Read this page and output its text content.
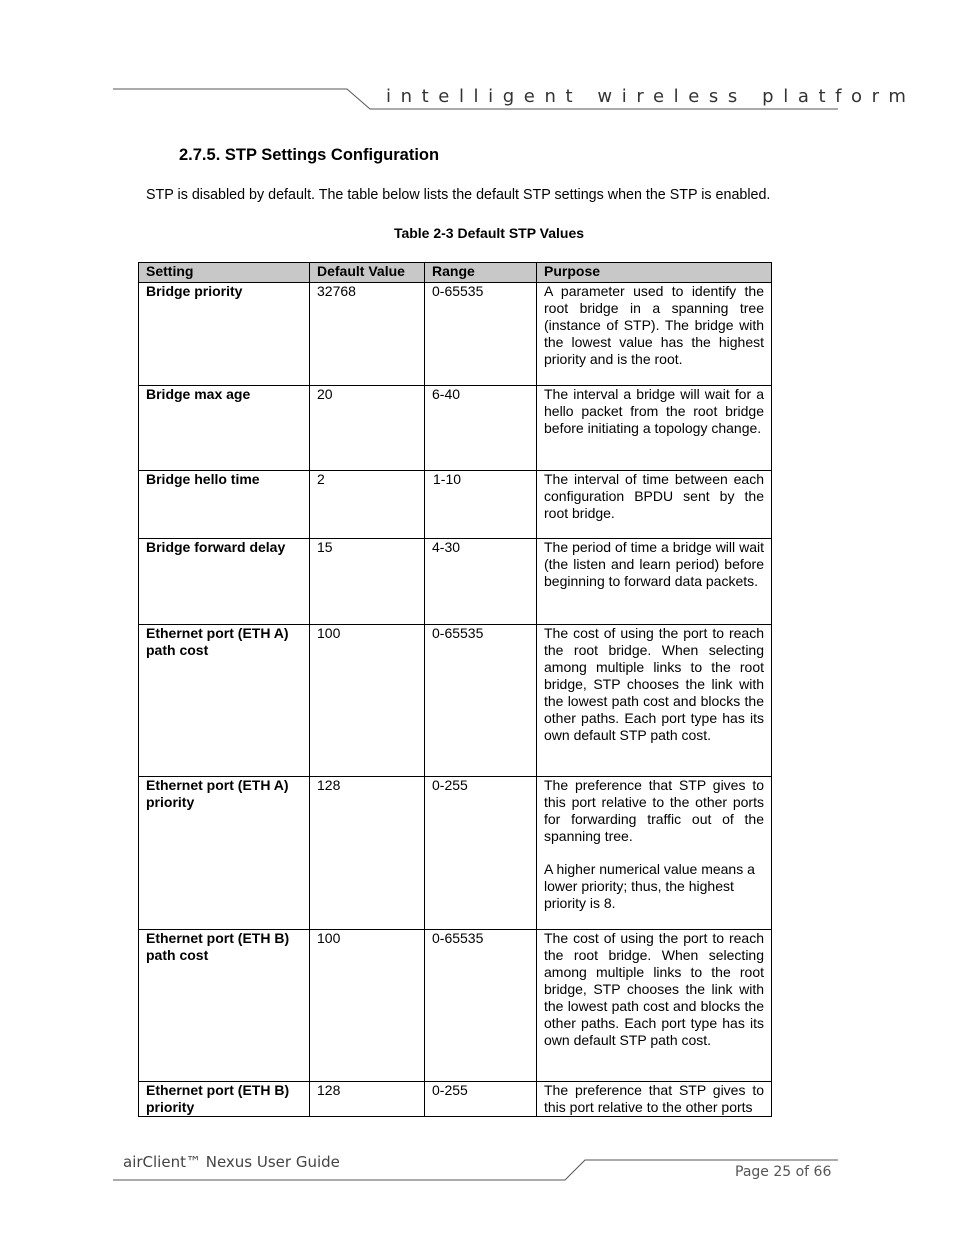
intelligent wireless platform
2.7.5. STP Settings Configuration
STP is disabled by default. The table below lists the default STP settings when the STP is enabled.
Table 2-3 Default STP Values
Setting	Default Value	Range	Purpose
Bridge priority	32768	0-65535	A parameter used to identify the root bridge in a spanning tree (instance of STP). The bridge with the lowest value has the highest priority and is the root.
Bridge max age	20	6-40	The interval a bridge will wait for a hello packet from the root bridge before initiating a topology change.
Bridge hello time	2	1-10	The interval of time between each configuration BPDU sent by the root bridge.
Bridge forward delay	15	4-30	The period of time a bridge will wait (the listen and learn period) before beginning to forward data packets.
Ethernet port (ETH A) path cost	100	0-65535	The cost of using the port to reach the root bridge. When selecting among multiple links to the root bridge, STP chooses the link with the lowest path cost and blocks the other paths. Each port type has its own default STP path cost.
Ethernet port (ETH A) priority	128	0-255	The preference that STP gives to this port relative to the other ports for forwarding traffic out of the spanning tree.

A higher numerical value means a lower priority; thus, the highest priority is 8.

Ethernet port (ETH B) path cost	100	0-65535	The cost of using the port to reach the root bridge. When selecting among multiple links to the root bridge, STP chooses the link with the lowest path cost and blocks the other paths. Each port type has its own default STP path cost.
Ethernet port (ETH B) priority	128	0-255	The preference that STP gives to this port relative to the other ports
airClient™ Nexus User Guide
Page 25 of 66
